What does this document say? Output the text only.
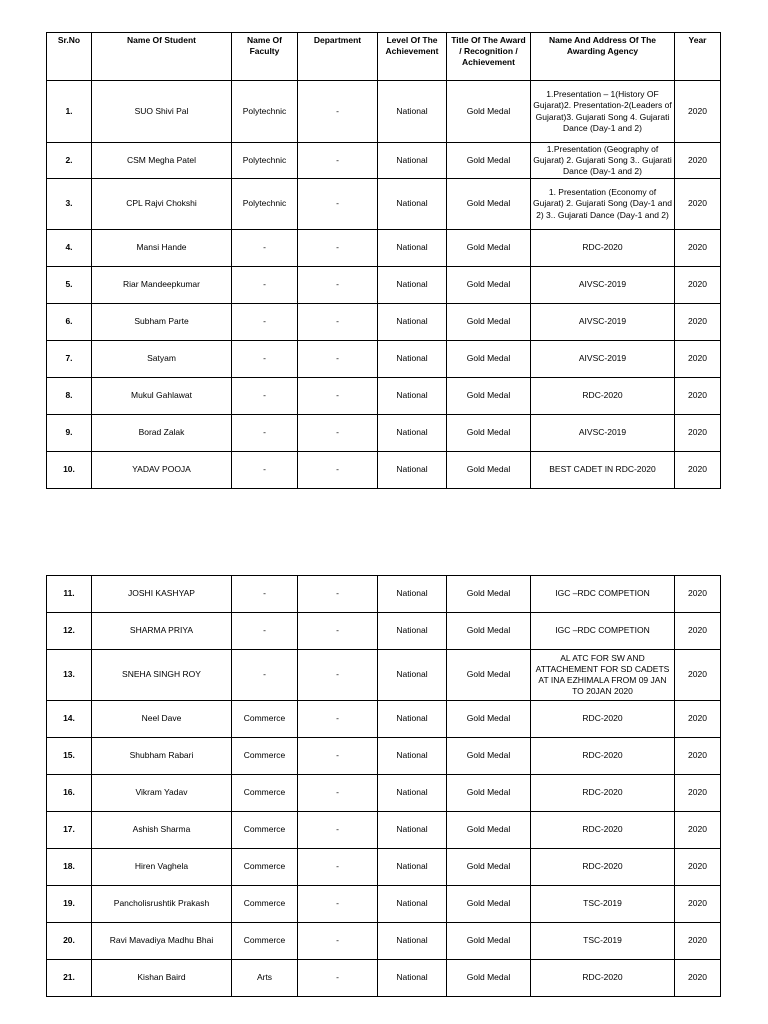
Sr.No	Name Of Student	Name Of Faculty	Department	Level Of The Achievement	Title Of The Award / Recognition / Achievement	Name And Address Of The Awarding Agency	Year
1.	SUO Shivi Pal	Polytechnic	-	National	Gold Medal	1.Presentation – 1(History OF Gujarat)2. Presentation-2(Leaders of Gujarat)3. Gujarati Song 4. Gujarati Dance (Day-1 and 2)	2020
2.	CSM Megha Patel	Polytechnic	-	National	Gold Medal	1.Presentation (Geography of Gujarat) 2. Gujarati Song 3.. Gujarati Dance (Day-1 and 2)	2020
3.	CPL Rajvi Chokshi	Polytechnic	-	National	Gold Medal	1. Presentation (Economy of Gujarat) 2. Gujarati Song (Day-1 and 2) 3.. Gujarati Dance (Day-1 and 2)	2020
4.	Mansi Hande	-	-	National	Gold Medal	RDC-2020	2020
5.	Riar Mandeepkumar	-	-	National	Gold Medal	AIVSC-2019	2020
6.	Subham Parte	-	-	National	Gold Medal	AIVSC-2019	2020
7.	Satyam	-	-	National	Gold Medal	AIVSC-2019	2020
8.	Mukul Gahlawat	-	-	National	Gold Medal	RDC-2020	2020
9.	Borad Zalak	-	-	National	Gold Medal	AIVSC-2019	2020
10.	YADAV POOJA	-	-	National	Gold Medal	BEST CADET IN RDC-2020	2020
11.	JOSHI KASHYAP	-	-	National	Gold Medal	IGC –RDC COMPETION	2020
12.	SHARMA PRIYA	-	-	National	Gold Medal	IGC –RDC COMPETION	2020
13.	SNEHA SINGH ROY	-	-	National	Gold Medal	AL ATC FOR SW AND ATTACHEMENT FOR SD CADETS AT INA EZHIMALA FROM 09 JAN TO 20JAN 2020	2020
14.	Neel Dave	Commerce	-	National	Gold Medal	RDC-2020	2020
15.	Shubham Rabari	Commerce	-	National	Gold Medal	RDC-2020	2020
16.	Vikram Yadav	Commerce	-	National	Gold Medal	RDC-2020	2020
17.	Ashish Sharma	Commerce	-	National	Gold Medal	RDC-2020	2020
18.	Hiren Vaghela	Commerce	-	National	Gold Medal	RDC-2020	2020
19.	Pancholisrushtik Prakash	Commerce	-	National	Gold Medal	TSC-2019	2020
20.	Ravi Mavadiya Madhu Bhai	Commerce	-	National	Gold Medal	TSC-2019	2020
21.	Kishan Baird	Arts	-	National	Gold Medal	RDC-2020	2020
